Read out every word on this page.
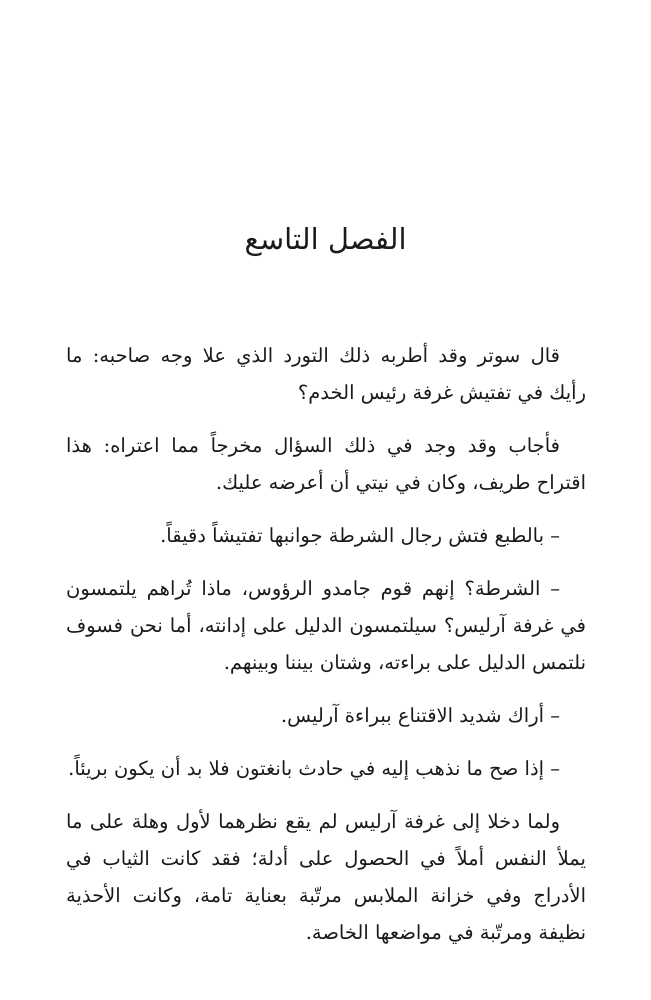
الفصل التاسع

قال سوتر وقد أطربه ذلك التورد الذي علا وجه صاحبه: ما رأيك في تفتيش غرفة رئيس الخدم؟

فأجاب وقد وجد في ذلك السؤال مخرجاً مما اعتراه: هذا اقتراح طريف، وكان في نيتي أن أعرضه عليك.

– بالطبع فتش رجال الشرطة جوانبها تفتيشاً دقيقاً.

– الشرطة؟ إنهم قوم جامدو الرؤوس، ماذا تُراهم يلتمسون في غرفة آرليس؟ سيلتمسون الدليل على إدانته، أما نحن فسوف نلتمس الدليل على براءته، وشتان بيننا وبينهم.

– أراك شديد الاقتناع ببراءة آرليس.

– إذا صح ما نذهب إليه في حادث بانغتون فلا بد أن يكون بريئاً.

ولما دخلا إلى غرفة آرليس لم يقع نظرهما لأول وهلة على ما يملأ النفس أملاً في الحصول على أدلة؛ فقد كانت الثياب في الأدراج وفي خزانة الملابس مرتّبة بعناية تامة، وكانت الأحذية نظيفة ومرتّبة في مواضعها الخاصة.
